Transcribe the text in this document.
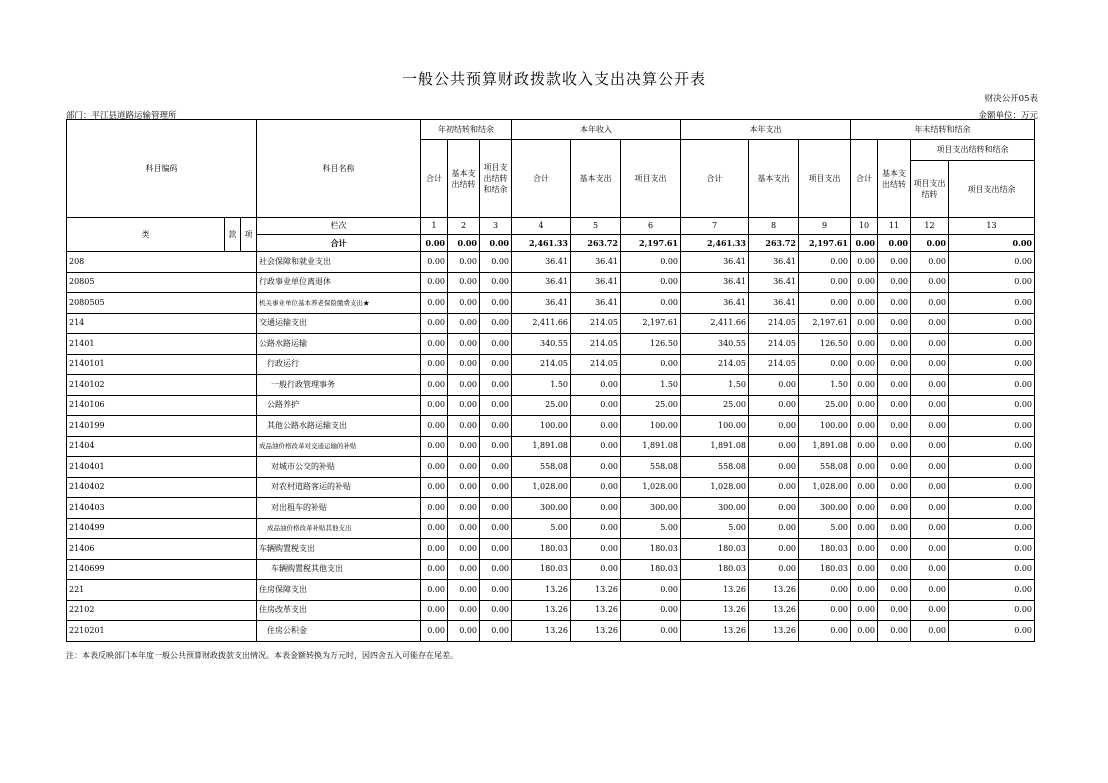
一般公共预算财政拨款收入支出决算公开表
财决公开05表
部门：平江县道路运输管理所	金额单位：万元
科目编码			科目名称	年初结转和结余			本年收入			本年支出			年末结转和结余			
				合计	基本支出结转	项目支出结转和结余	合计	基本支出	项目支出	合计	基本支出	项目支出	合计	基本支出结转	项目支出结转和结余	
															项目支出结转	项目支出结余
类	款	项	栏次	1	2	3	4	5	6	7	8	9	10	11	12	13
			合计	0.00	0.00	0.00	2,461.33	263.72	2,197.61	2,461.33	263.72	2,197.61	0.00	0.00	0.00	0.00
208			社会保障和就业支出	0.00	0.00	0.00	36.41	36.41	0.00	36.41	36.41	0.00	0.00	0.00	0.00	0.00
20805			行政事业单位离退休	0.00	0.00	0.00	36.41	36.41	0.00	36.41	36.41	0.00	0.00	0.00	0.00	0.00
2080505			机关事业单位基本养老保险缴费支出★	0.00	0.00	0.00	36.41	36.41	0.00	36.41	36.41	0.00	0.00	0.00	0.00	0.00
214			交通运输支出	0.00	0.00	0.00	2,411.66	214.05	2,197.61	2,411.66	214.05	2,197.61	0.00	0.00	0.00	0.00
21401			公路水路运输	0.00	0.00	0.00	340.55	214.05	126.50	340.55	214.05	126.50	0.00	0.00	0.00	0.00
2140101			行政运行	0.00	0.00	0.00	214.05	214.05	0.00	214.05	214.05	0.00	0.00	0.00	0.00	0.00
2140102			一般行政管理事务	0.00	0.00	0.00	1.50	0.00	1.50	1.50	0.00	1.50	0.00	0.00	0.00	0.00
2140106			公路养护	0.00	0.00	0.00	25.00	0.00	25.00	25.00	0.00	25.00	0.00	0.00	0.00	0.00
2140199			其他公路水路运输支出	0.00	0.00	0.00	100.00	0.00	100.00	100.00	0.00	100.00	0.00	0.00	0.00	0.00
21404			成品油价格改革对交通运输的补贴	0.00	0.00	0.00	1,891.08	0.00	1,891.08	1,891.08	0.00	1,891.08	0.00	0.00	0.00	0.00
2140401			对城市公交的补贴	0.00	0.00	0.00	558.08	0.00	558.08	558.08	0.00	558.08	0.00	0.00	0.00	0.00
2140402			对农村道路客运的补贴	0.00	0.00	0.00	1,028.00	0.00	1,028.00	1,028.00	0.00	1,028.00	0.00	0.00	0.00	0.00
2140403			对出租车的补贴	0.00	0.00	0.00	300.00	0.00	300.00	300.00	0.00	300.00	0.00	0.00	0.00	0.00
2140499			成品油价格改革补贴其他支出	0.00	0.00	0.00	5.00	0.00	5.00	5.00	0.00	5.00	0.00	0.00	0.00	0.00
21406			车辆购置税支出	0.00	0.00	0.00	180.03	0.00	180.03	180.03	0.00	180.03	0.00	0.00	0.00	0.00
2140699			车辆购置税其他支出	0.00	0.00	0.00	180.03	0.00	180.03	180.03	0.00	180.03	0.00	0.00	0.00	0.00
221			住房保障支出	0.00	0.00	0.00	13.26	13.26	0.00	13.26	13.26	0.00	0.00	0.00	0.00	0.00
22102			住房改革支出	0.00	0.00	0.00	13.26	13.26	0.00	13.26	13.26	0.00	0.00	0.00	0.00	0.00
2210201			住房公积金	0.00	0.00	0.00	13.26	13.26	0.00	13.26	13.26	0.00	0.00	0.00	0.00	0.00
注：本表反映部门本年度一般公共预算财政拨款支出情况。本表金额转换为万元时，因四舍五入可能存在尾差。
